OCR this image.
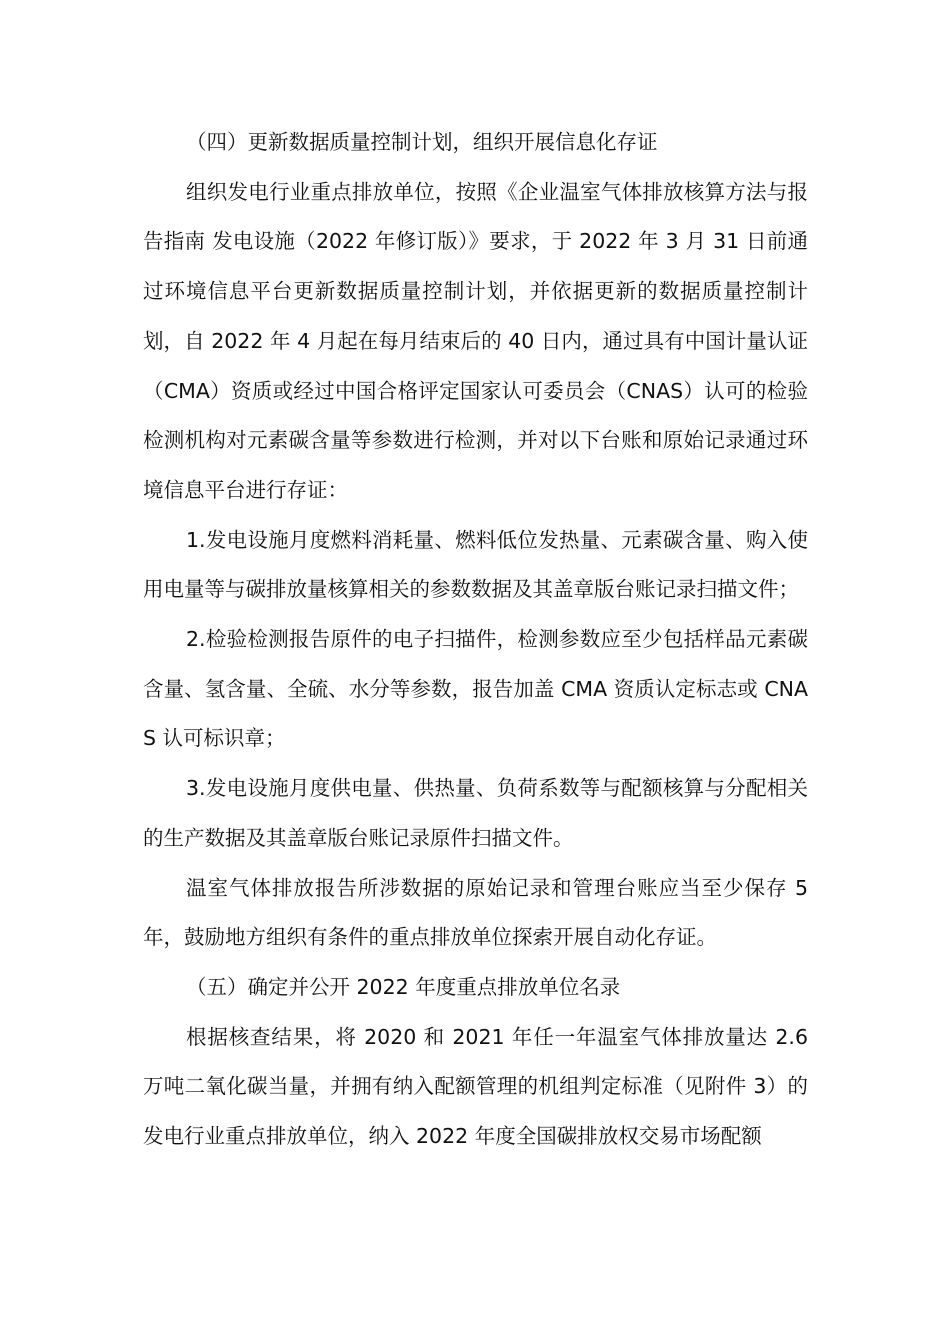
（四）更新数据质量控制计划，组织开展信息化存证

组织发电行业重点排放单位，按照《企业温室气体排放核算方法与报告指南 发电设施（2022 年修订版）》要求，于 2022 年 3 月 31 日前通过环境信息平台更新数据质量控制计划，并依据更新的数据质量控制计划，自 2022 年 4 月起在每月结束后的 40 日内，通过具有中国计量认证（CMA）资质或经过中国合格评定国家认可委员会（CNAS）认可的检验检测机构对元素碳含量等参数进行检测，并对以下台账和原始记录通过环境信息平台进行存证：

1.发电设施月度燃料消耗量、燃料低位发热量、元素碳含量、购入使用电量等与碳排放量核算相关的参数数据及其盖章版台账记录扫描文件；

2.检验检测报告原件的电子扫描件，检测参数应至少包括样品元素碳含量、氢含量、全硫、水分等参数，报告加盖 CMA 资质认定标志或 CNAS 认可标识章；

3.发电设施月度供电量、供热量、负荷系数等与配额核算与分配相关的生产数据及其盖章版台账记录原件扫描文件。

温室气体排放报告所涉数据的原始记录和管理台账应当至少保存 5 年，鼓励地方组织有条件的重点排放单位探索开展自动化存证。

（五）确定并公开 2022 年度重点排放单位名录

根据核查结果，将 2020 和 2021 年任一年温室气体排放量达 2.6 万吨二氧化碳当量，并拥有纳入配额管理的机组判定标准（见附件 3）的发电行业重点排放单位，纳入 2022 年度全国碳排放权交易市场配额
